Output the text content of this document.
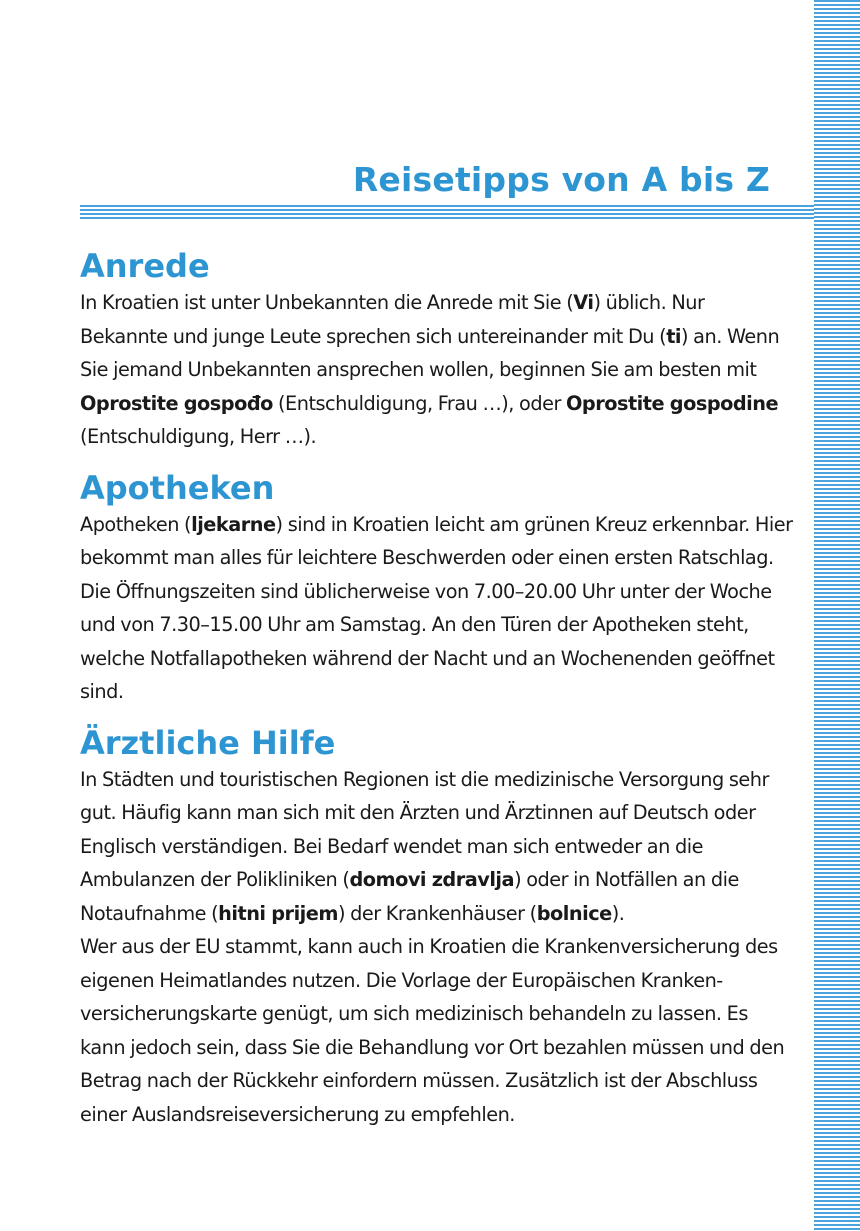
Reisetipps von A bis Z
Anrede

In Kroatien ist unter Unbekannten die Anrede mit Sie (Vi) üblich. Nur Bekannte und junge Leute sprechen sich untereinander mit Du (ti) an. Wenn Sie jemand Unbekannten ansprechen wollen, beginnen Sie am besten mit Oprostite gospođo (Entschuldigung, Frau …), oder Oprostite gospodine (Entschuldigung, Herr …).

Apotheken

Apotheken (ljekarne) sind in Kroatien leicht am grünen Kreuz erkennbar. Hier bekommt man alles für leichtere Beschwerden oder einen ersten Ratschlag. Die Öffnungszeiten sind üblicherweise von 7.00–20.00 Uhr unter der Woche und von 7.30–15.00 Uhr am Samstag. An den Türen der Apotheken steht, welche Notfallapotheken während der Nacht und an Wochenenden geöffnet sind.

Ärztliche Hilfe

In Städten und touristischen Regionen ist die medizinische Versorgung sehr gut. Häufig kann man sich mit den Ärzten und Ärztinnen auf Deutsch oder Englisch verständigen. Bei Bedarf wendet man sich entweder an die Ambulanzen der Polikliniken (domovi zdravlja) oder in Notfällen an die Notaufnahme (hitni prijem) der Krankenhäuser (bolnice).

Wer aus der EU stammt, kann auch in Kroatien die Krankenversicherung des eigenen Heimatlandes nutzen. Die Vorlage der Europäischen Krankenversicherungskarte genügt, um sich medizinisch behandeln zu lassen. Es kann jedoch sein, dass Sie die Behandlung vor Ort bezahlen müssen und den Betrag nach der Rückkehr einfordern müssen. Zusätzlich ist der Abschluss einer Auslandsreiseversicherung zu empfehlen.
